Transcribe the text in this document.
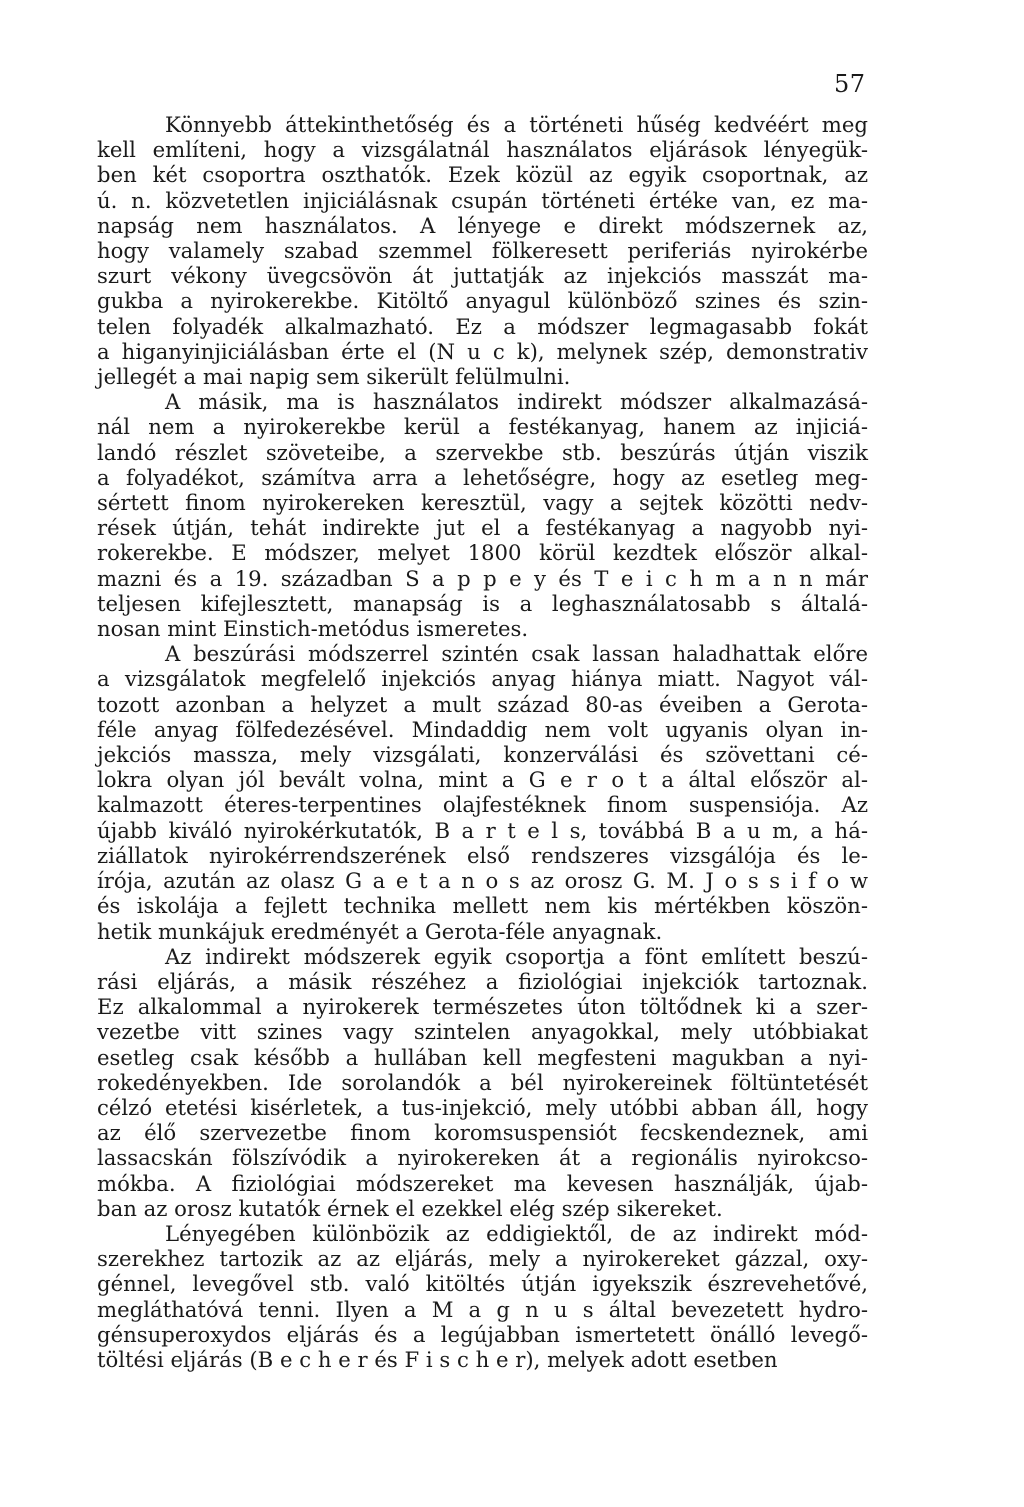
57

Könnyebb áttekinthetőség és a történeti hűség kedvéért meg
kell említeni, hogy a vizsgálatnál használatos eljárások lényegük-
ben két csoportra oszthatók. Ezek közül az egyik csoportnak, az
ú. n. közvetetlen injiciálásnak csupán történeti értéke van, ez ma-
napság nem használatos. A lényege e direkt módszernek az,
hogy valamely szabad szemmel fölkeresett periferiás nyirokérbe
szurt vékony üvegcsövön át juttatják az injekciós masszát ma-
gukba a nyirokerekbe. Kitöltő anyagul különböző szines és szin-
telen folyadék alkalmazható. Ez a módszer legmagasabb fokát
a higanyinjiciálásban érte el (N u c k), melynek szép, demonstrativ
jellegét a mai napig sem sikerült felülmulni.

A másik, ma is használatos indirekt módszer alkalmazásá-
nál nem a nyirokerekbe kerül a festékanyag, hanem az injiciá-
landó részlet szöveteibe, a szervekbe stb. beszúrás útján viszik
a folyadékot, számítva arra a lehetőségre, hogy az esetleg meg-
sértett finom nyirokereken keresztül, vagy a sejtek közötti nedv-
rések útján, tehát indirekte jut el a festékanyag a nagyobb nyi-
rokerekbe. E módszer, melyet 1800 körül kezdtek először alkal-
mazni és a 19. században S a p p e y és T e i c h m a n n már
teljesen kifejlesztett, manapság is a leghasználatosabb s általá-
nosan mint Einstich-metódus ismeretes.

A beszúrási módszerrel szintén csak lassan haladhattak előre
a vizsgálatok megfelelő injekciós anyag hiánya miatt. Nagyot vál-
tozott azonban a helyzet a mult század 80-as éveiben a Gerota-
féle anyag fölfedezésével. Mindaddig nem volt ugyanis olyan in-
jekciós massza, mely vizsgálati, konzerválási és szövettani cé-
lokra olyan jól bevált volna, mint a G e r o t a által először al-
kalmazott éteres-terpentines olajfestéknek finom suspensiója. Az
újabb kiváló nyirokérkutatók, B a r t e l s, továbbá B a u m, a há-
ziállatok nyirokérrendszerének első rendszeres vizsgálója és le-
írója, azután az olasz G a e t a n o s az orosz G. M. J o s s i f o w
és iskolája a fejlett technika mellett nem kis mértékben köszön-
hetik munkájuk eredményét a Gerota-féle anyagnak.

Az indirekt módszerek egyik csoportja a fönt említett beszú-
rási eljárás, a másik részéhez a fiziológiai injekciók tartoznak.
Ez alkalommal a nyirokerek természetes úton töltődnek ki a szer-
vezetbe vitt szines vagy szintelen anyagokkal, mely utóbbiakat
esetleg csak később a hullában kell megfesteni magukban a nyi-
rokedényekben. Ide sorolandók a bél nyirokereinek föltüntetését
célzó etetési kisérletek, a tus-injekció, mely utóbbi abban áll, hogy
az élő szervezetbe finom koromsuspensiót fecskendeznek, ami
lassacskán fölszívódik a nyirokereken át a regionális nyirokcso-
mókba. A fiziológiai módszereket ma kevesen használják, újab-
ban az orosz kutatók érnek el ezekkel elég szép sikereket.

Lényegében különbözik az eddigiektől, de az indirekt mód-
szerekhez tartozik az az eljárás, mely a nyirokereket gázzal, oxy-
génnel, levegővel stb. való kitöltés útján igyekszik észrevehetővé,
megláthatóvá tenni. Ilyen a M a g n u s által bevezetett hydro-
génsuperoxydos eljárás és a legújabban ismertetett önálló levegő-
töltési eljárás (B e c h e r és F i s c h e r), melyek adott esetben
